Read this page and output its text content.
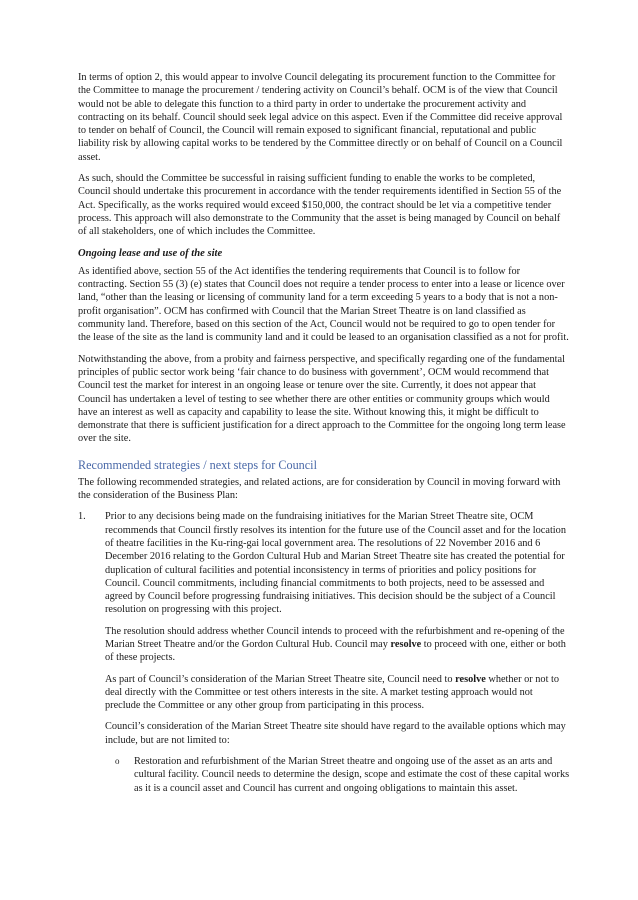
In terms of option 2, this would appear to involve Council delegating its procurement function to the Committee for the Committee to manage the procurement / tendering activity on Council’s behalf. OCM is of the view that Council would not be able to delegate this function to a third party in order to undertake the procurement activity and contracting on its behalf. Council should seek legal advice on this aspect. Even if the Committee did receive approval to tender on behalf of Council, the Council will remain exposed to significant financial, reputational and public liability risk by allowing capital works to be tendered by the Committee directly or on behalf of Council on a Council asset.

As such, should the Committee be successful in raising sufficient funding to enable the works to be completed, Council should undertake this procurement in accordance with the tender requirements identified in Section 55 of the Act. Specifically, as the works required would exceed $150,000, the contract should be let via a competitive tender process. This approach will also demonstrate to the Community that the asset is being managed by Council on behalf of all stakeholders, one of which includes the Committee.

Ongoing lease and use of the site

As identified above, section 55 of the Act identifies the tendering requirements that Council is to follow for contracting. Section 55 (3) (e) states that Council does not require a tender process to enter into a lease or licence over land, “other than the leasing or licensing of community land for a term exceeding 5 years to a body that is not a non-profit organisation”. OCM has confirmed with Council that the Marian Street Theatre is on land classified as community land. Therefore, based on this section of the Act, Council would not be required to go to open tender for the lease of the site as the land is community land and it could be leased to an organisation classified as a not for profit.

Notwithstanding the above, from a probity and fairness perspective, and specifically regarding one of the fundamental principles of public sector work being ‘fair chance to do business with government’, OCM would recommend that Council test the market for interest in an ongoing lease or tenure over the site. Currently, it does not appear that Council has undertaken a level of testing to see whether there are other entities or community groups which would have an interest as well as capacity and capability to lease the site. Without knowing this, it might be difficult to demonstrate that there is sufficient justification for a direct approach to the Committee for the ongoing long term lease over the site.

Recommended strategies / next steps for Council

The following recommended strategies, and related actions, are for consideration by Council in moving forward with the consideration of the Business Plan:

1. Prior to any decisions being made on the fundraising initiatives for the Marian Street Theatre site, OCM recommends that Council firstly resolves its intention for the future use of the Council asset and for the location of theatre facilities in the Ku-ring-gai local government area. The resolutions of 22 November 2016 and 6 December 2016 relating to the Gordon Cultural Hub and Marian Street Theatre site has created the potential for duplication of cultural facilities and potential inconsistency in terms of priorities and policy positions for Council. Council commitments, including financial commitments to both projects, need to be assessed and agreed by Council before progressing fundraising initiatives. This decision should be the subject of a Council resolution on progressing with this project.

The resolution should address whether Council intends to proceed with the refurbishment and re-opening of the Marian Street Theatre and/or the Gordon Cultural Hub. Council may resolve to proceed with one, either or both of these projects.

As part of Council’s consideration of the Marian Street Theatre site, Council need to resolve whether or not to deal directly with the Committee or test others interests in the site. A market testing approach would not preclude the Committee or any other group from participating in this process.

Council’s consideration of the Marian Street Theatre site should have regard to the available options which may include, but are not limited to:

o Restoration and refurbishment of the Marian Street theatre and ongoing use of the asset as an arts and cultural facility. Council needs to determine the design, scope and estimate the cost of these capital works as it is a council asset and Council has current and ongoing obligations to maintain this asset.
